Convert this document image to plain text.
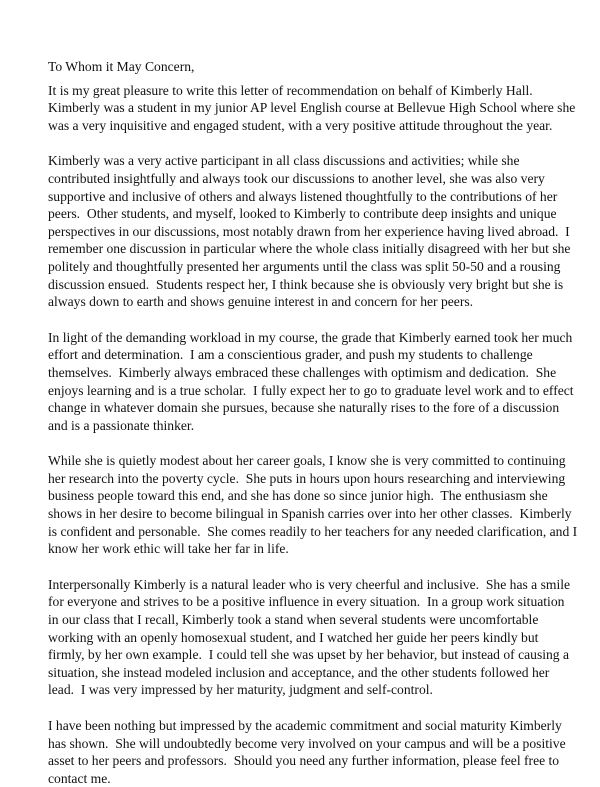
To Whom it May Concern,
It is my great pleasure to write this letter of recommendation on behalf of Kimberly Hall.
Kimberly was a student in my junior AP level English course at Bellevue High School where she
was a very inquisitive and engaged student, with a very positive attitude throughout the year.
Kimberly was a very active participant in all class discussions and activities; while she
contributed insightfully and always took our discussions to another level, she was also very
supportive and inclusive of others and always listened thoughtfully to the contributions of her
peers.  Other students, and myself, looked to Kimberly to contribute deep insights and unique
perspectives in our discussions, most notably drawn from her experience having lived abroad.  I
remember one discussion in particular where the whole class initially disagreed with her but she
politely and thoughtfully presented her arguments until the class was split 50-50 and a rousing
discussion ensued.  Students respect her, I think because she is obviously very bright but she is
always down to earth and shows genuine interest in and concern for her peers.
In light of the demanding workload in my course, the grade that Kimberly earned took her much
effort and determination.  I am a conscientious grader, and push my students to challenge
themselves.  Kimberly always embraced these challenges with optimism and dedication.  She
enjoys learning and is a true scholar.  I fully expect her to go to graduate level work and to effect
change in whatever domain she pursues, because she naturally rises to the fore of a discussion
and is a passionate thinker.
While she is quietly modest about her career goals, I know she is very committed to continuing
her research into the poverty cycle.  She puts in hours upon hours researching and interviewing
business people toward this end, and she has done so since junior high.  The enthusiasm she
shows in her desire to become bilingual in Spanish carries over into her other classes.  Kimberly
is confident and personable.  She comes readily to her teachers for any needed clarification, and I
know her work ethic will take her far in life.
Interpersonally Kimberly is a natural leader who is very cheerful and inclusive.  She has a smile
for everyone and strives to be a positive influence in every situation.  In a group work situation
in our class that I recall, Kimberly took a stand when several students were uncomfortable
working with an openly homosexual student, and I watched her guide her peers kindly but
firmly, by her own example.  I could tell she was upset by her behavior, but instead of causing a
situation, she instead modeled inclusion and acceptance, and the other students followed her
lead.  I was very impressed by her maturity, judgment and self-control.
I have been nothing but impressed by the academic commitment and social maturity Kimberly
has shown.  She will undoubtedly become very involved on your campus and will be a positive
asset to her peers and professors.  Should you need any further information, please feel free to
contact me.
